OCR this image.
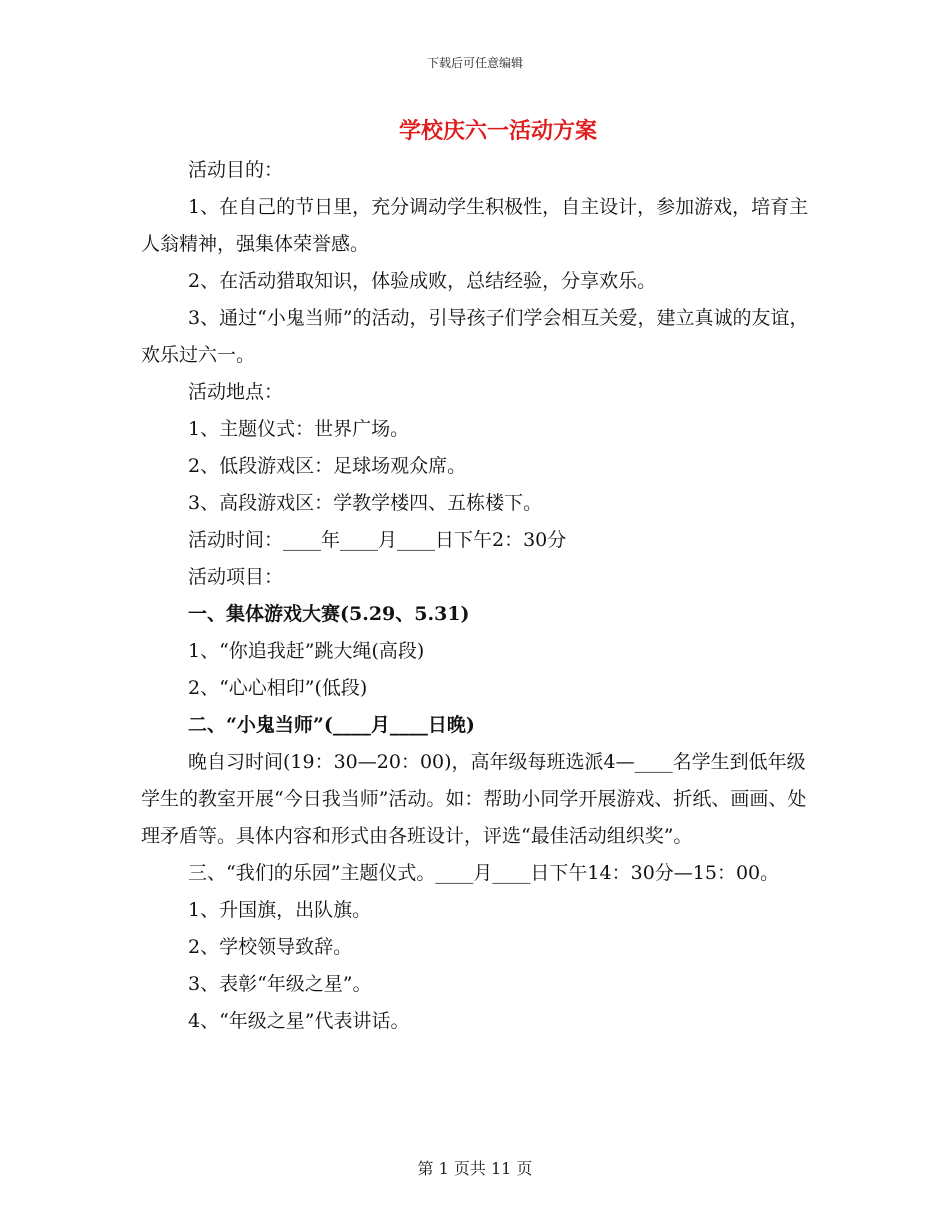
下载后可任意编辑
学校庆六一活动方案
活动目的：
1、在自己的节日里，充分调动学生积极性，自主设计，参加游戏，培育主人翁精神，强集体荣誉感。
2、在活动猎取知识，体验成败，总结经验，分享欢乐。
3、通过“小鬼当师”的活动，引导孩子们学会相互关爱，建立真诚的友谊，欢乐过六一。
活动地点：
1、主题仪式：世界广场。
2、低段游戏区：足球场观众席。
3、高段游戏区：学教学楼四、五栋楼下。
活动时间：____年____月____日下午2：30分
活动项目：
一、集体游戏大赛(5.29、5.31)
1、“你追我赶”跳大绳(高段)
2、“心心相印”(低段)
二、“小鬼当师”(____月____日晚)
晚自习时间(19：30—20：00)，高年级每班选派4—____名学生到低年级学生的教室开展“今日我当师”活动。如：帮助小同学开展游戏、折纸、画画、处理矛盾等。具体内容和形式由各班设计，评选“最佳活动组织奖”。
三、“我们的乐园”主题仪式。____月____日下午14：30分—15：00。
1、升国旗，出队旗。
2、学校领导致辞。
3、表彰“年级之星”。
4、“年级之星”代表讲话。
第 1 页共 11 页
